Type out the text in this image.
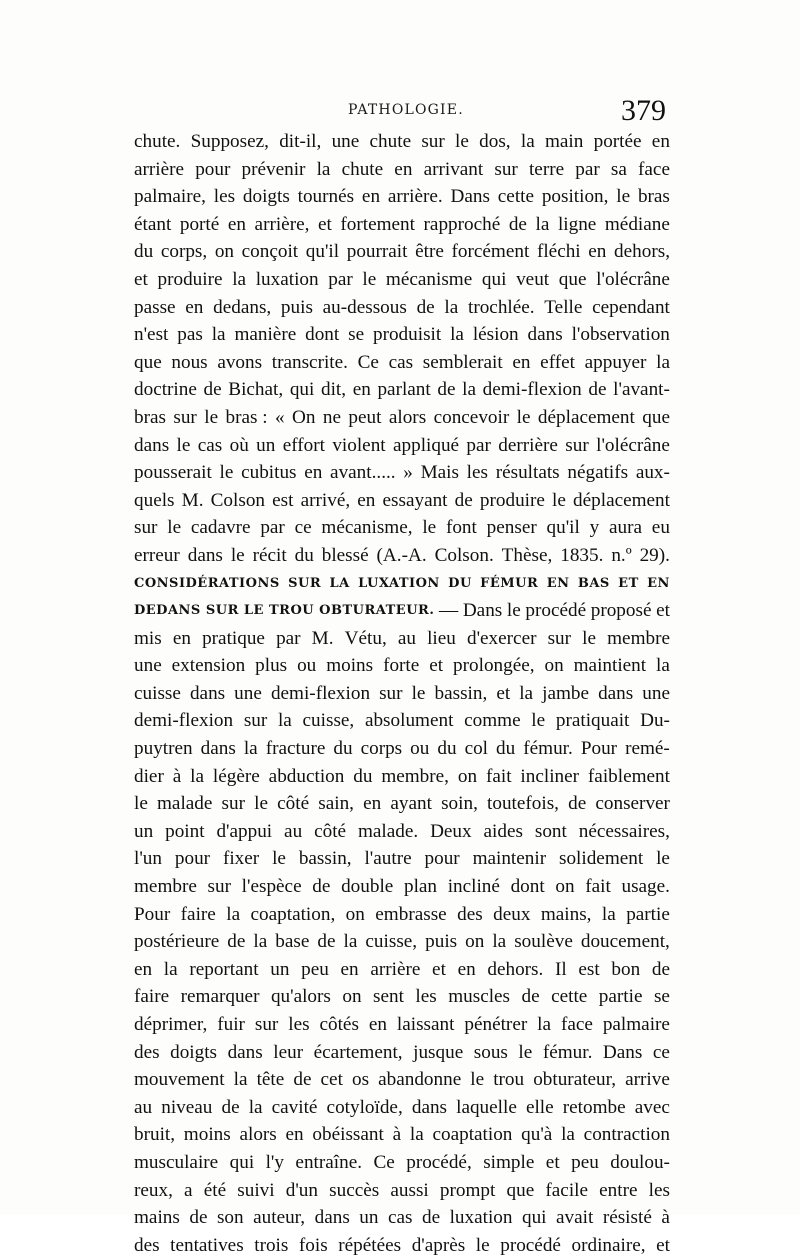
PATHOLOGIE.	379
chute. Supposez, dit-il, une chute sur le dos, la main portée en
arrière pour prévenir la chute en arrivant sur terre par sa face
palmaire, les doigts tournés en arrière. Dans cette position, le bras
étant porté en arrière, et fortement rapproché de la ligne médiane
du corps, on conçoit qu'il pourrait être forcément fléchi en dehors,
et produire la luxation par le mécanisme qui veut que l'olécrâne
passe en dedans, puis au-dessous de la trochlée. Telle cependant
n'est pas la manière dont se produisit la lésion dans l'observation
que nous avons transcrite. Ce cas semblerait en effet appuyer la
doctrine de Bichat, qui dit, en parlant de la demi-flexion de l'avant-
bras sur le bras : « On ne peut alors concevoir le déplacement que
dans le cas où un effort violent appliqué par derrière sur l'olécrâne
pousserait le cubitus en avant..... » Mais les résultats négatifs aux-
quels M. Colson est arrivé, en essayant de produire le déplacement
sur le cadavre par ce mécanisme, le font penser qu'il y aura eu
erreur dans le récit du blessé (A.-A. Colson. Thèse, 1835. n.º 29).
CONSIDÉRATIONS SUR LA LUXATION DU FÉMUR EN BAS ET EN
DEDANS SUR LE TROU OBTURATEUR. — Dans le procédé proposé et
mis en pratique par M. Vétu, au lieu d'exercer sur le membre
une extension plus ou moins forte et prolongée, on maintient la
cuisse dans une demi-flexion sur le bassin, et la jambe dans une
demi-flexion sur la cuisse, absolument comme le pratiquait Du-
puytren dans la fracture du corps ou du col du fémur. Pour remé-
dier à la légère abduction du membre, on fait incliner faiblement
le malade sur le côté sain, en ayant soin, toutefois, de conserver
un point d'appui au côté malade. Deux aides sont nécessaires,
l'un pour fixer le bassin, l'autre pour maintenir solidement le
membre sur l'espèce de double plan incliné dont on fait usage.
Pour faire la coaptation, on embrasse des deux mains, la partie
postérieure de la base de la cuisse, puis on la soulève doucement,
en la reportant un peu en arrière et en dehors. Il est bon de
faire remarquer qu'alors on sent les muscles de cette partie se
déprimer, fuir sur les côtés en laissant pénétrer la face palmaire
des doigts dans leur écartement, jusque sous le fémur. Dans ce
mouvement la tête de cet os abandonne le trou obturateur, arrive
au niveau de la cavité cotyloïde, dans laquelle elle retombe avec
bruit, moins alors en obéissant à la coaptation qu'à la contraction
musculaire qui l'y entraîne. Ce procédé, simple et peu doulou-
reux, a été suivi d'un succès aussi prompt que facile entre les
mains de son auteur, dans un cas de luxation qui avait résisté à
des tentatives trois fois répétées d'après le procédé ordinaire, et
